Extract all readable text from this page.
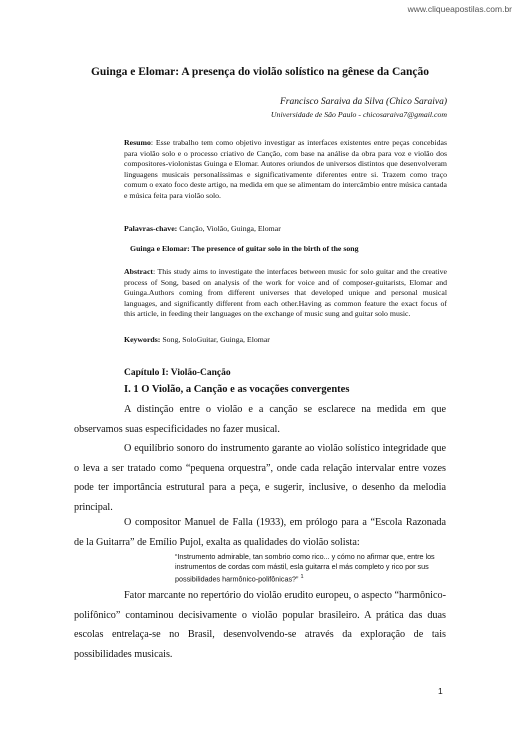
www.cliqueapostilas.com.br
Guinga e Elomar: A presença do violão solístico na gênese da Canção
Francisco Saraiva da Silva (Chico Saraiva)
Universidade de São Paulo - chicosaraiva7@gmail.com
Resumo: Esse trabalho tem como objetivo investigar as interfaces existentes entre peças concebidas para violão solo e o processo criativo de Canção, com base na análise da obra para voz e violão dos compositores-violonistas Guinga e Elomar. Autores oriundos de universos distintos que desenvolveram linguagens musicais personalíssimas e significativamente diferentes entre si. Trazem como traço comum o exato foco deste artigo, na medida em que se alimentam do intercâmbio entre música cantada e música feita para violão solo.
Palavras-chave: Canção, Violão, Guinga, Elomar
Guinga e Elomar: The presence of guitar solo in the birth of the song
Abstract: This study aims to investigate the interfaces between music for solo guitar and the creative process of Song, based on analysis of the work for voice and of composer-guitarists, Elomar and Guinga.Authors coming from different universes that developed unique and personal musical languages, and significantly different from each other.Having as common feature the exact focus of this article, in feeding their languages on the exchange of music sung and guitar solo music.
Keywords: Song, SoloGuitar, Guinga, Elomar
Capítulo I: Violão-Canção
I. 1 O Violão, a Canção e as vocações convergentes
A distinção entre o violão e a canção se esclarece na medida em que observamos suas especificidades no fazer musical.
O equilíbrio sonoro do instrumento garante ao violão solístico integridade que o leva a ser tratado como “pequena orquestra”, onde cada relação intervalar entre vozes pode ter importância estrutural para a peça, e sugerir, inclusive, o desenho da melodia principal.
O compositor Manuel de Falla (1933), em prólogo para a “Escola Razonada de la Guitarra” de Emílio Pujol, exalta as qualidades do violão solista:
“Instrumento admirable, tan sombrio como rico... y cómo no afirmar que, entre los instrumentos de cordas com mástil, esla guitarra el más completo y rico por sus possibilidades harmônico-polifônicas?” $^1$
Fator marcante no repertório do violão erudito europeu, o aspecto “harmônico-polifônico” contaminou decisivamente o violão popular brasileiro. A prática das duas escolas entrelaça-se no Brasil, desenvolvendo-se através da exploração de tais possibilidades musicais.
1
